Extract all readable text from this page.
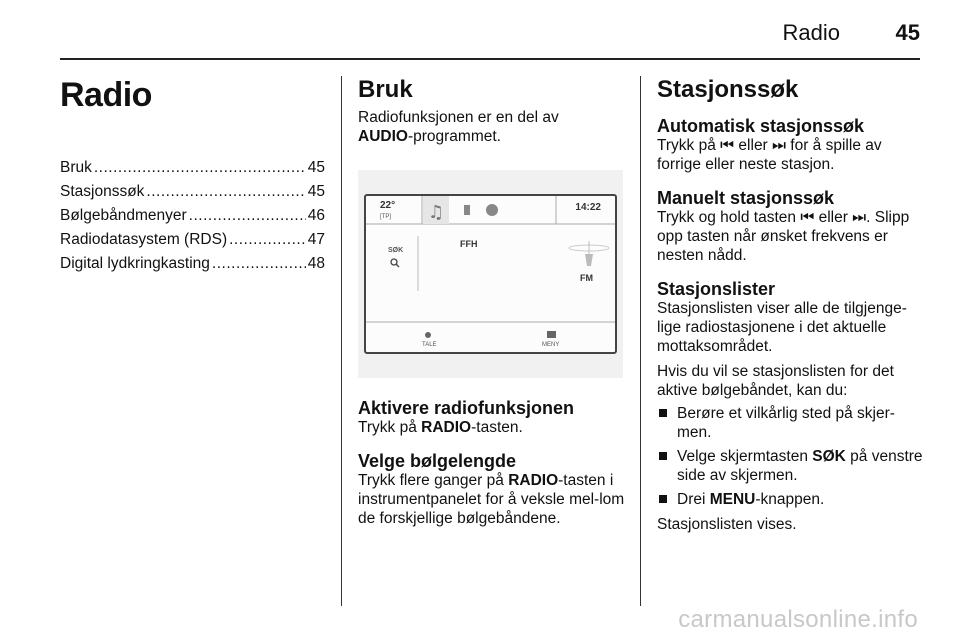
Radio	45
Radio
Bruk .....	45
Stasjonssøk .....	45
Bølgebåndmenyer .....	46
Radiodatasystem (RDS) .....	47
Digital lydkringkasting .....	48
Bruk

Radiofunksjonen er en del av
AUDIO-programmet.

22°
[TP] ♫	14:22
SØK
FFH
FM
TALE	MENY
Aktivere radiofunksjonen

Trykk på RADIO-tasten.

Velge bølgelengde

Trykk flere ganger på RADIO-tasten i instrumentpanelet for å veksle mel-lom de forskjellige bølgebåndene.

Stasjonssøk
Automatisk stasjonssøk

Trykk på ⏮ eller ⏭ for å spille av forrige eller neste stasjon.

Manuelt stasjonssøk

Trykk og hold tasten ⏮ eller ⏭. Slipp opp tasten når ønsket frekvens er nesten nådd.

Stasjonslister

Stasjonslisten viser alle de tilgjenge-lige radiostasjonene i det aktuelle mottaksområdet.

Hvis du vil se stasjonslisten for det aktive bølgebåndet, kan du:

Berøre et vilkårlig sted på skjer-men.
Velge skjermtasten SØK på venstre side av skjermen.
Drei MENU-knappen.

Stasjonslisten vises.

carmanualsonline.info
